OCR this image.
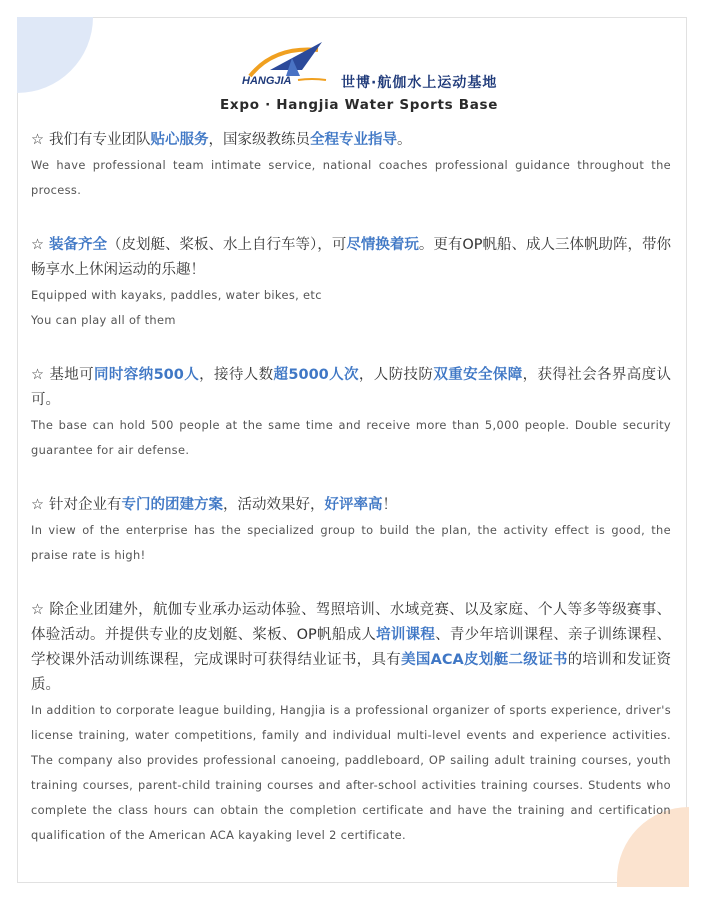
HANGJIA	世博·航伽水上运动基地
Expo · Hangjia Water Sports Base

☆ 我们有专业团队贴心服务，国家级教练员全程专业指导。

We have professional team intimate service, national coaches professional guidance throughout the process.

☆ 装备齐全（皮划艇、桨板、水上自行车等），可尽情换着玩。更有OP帆船、成人三体帆助阵，带你畅享水上休闲运动的乐趣！

Equipped with kayaks, paddles, water bikes, etc

You can play all of them

☆ 基地可同时容纳500人，接待人数超5000人次，人防技防双重安全保障，获得社会各界高度认可。

The base can hold 500 people at the same time and receive more than 5,000 people. Double security guarantee for air defense.

☆ 针对企业有专门的团建方案，活动效果好，好评率高！

In view of the enterprise has the specialized group to build the plan, the activity effect is good, the praise rate is high!

☆ 除企业团建外，航伽专业承办运动体验、驾照培训、水域竞赛、以及家庭、个人等多等级赛事、体验活动。并提供专业的皮划艇、桨板、OP帆船成人培训课程、青少年培训课程、亲子训练课程、学校课外活动训练课程，完成课时可获得结业证书，具有美国ACA皮划艇二级证书的培训和发证资质。

In addition to corporate league building, Hangjia is a professional organizer of sports experience, driver's license training, water competitions, family and individual multi-level events and experience activities. The company also provides professional canoeing, paddleboard, OP sailing adult training courses, youth training courses, parent-child training courses and after-school activities training courses. Students who complete the class hours can obtain the completion certificate and have the training and certification qualification of the American ACA kayaking level 2 certificate.
